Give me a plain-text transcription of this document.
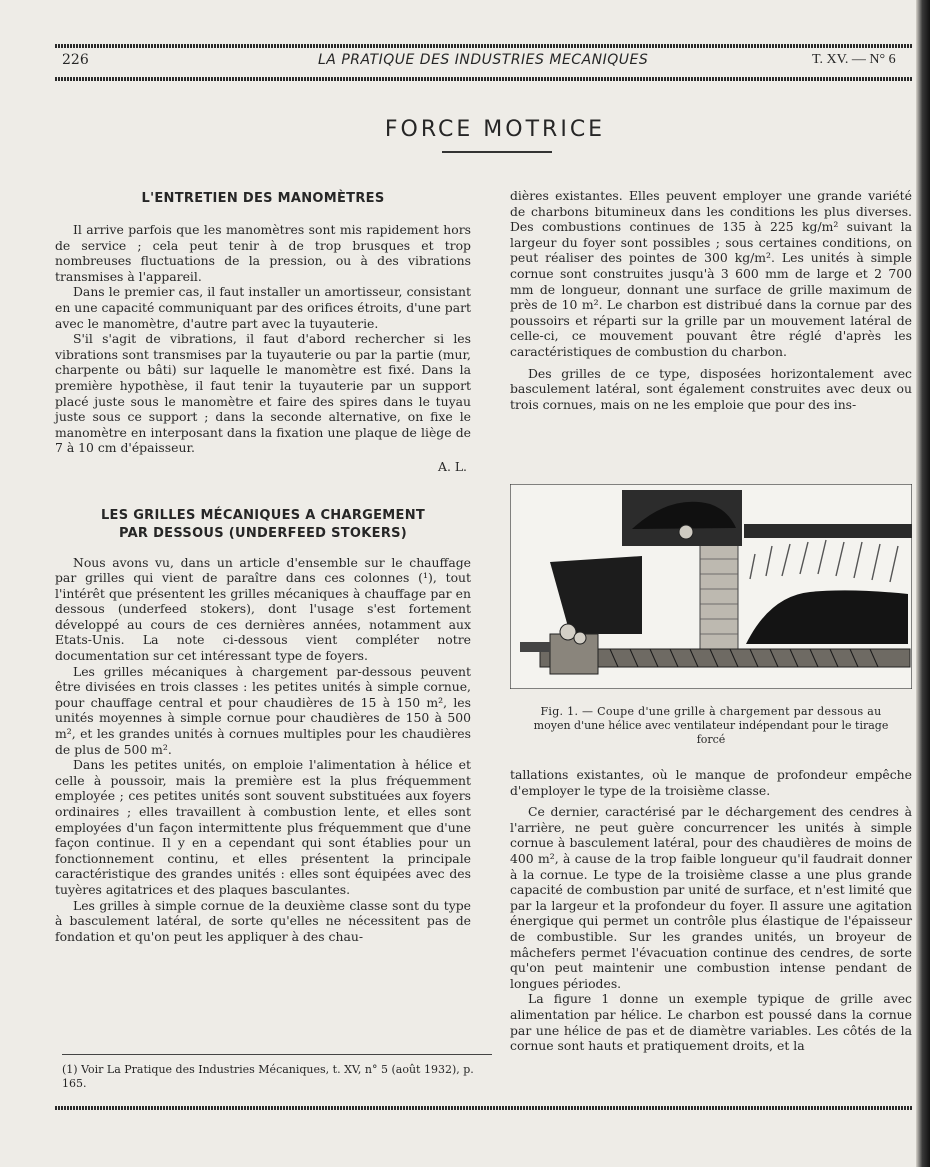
226	LA PRATIQUE DES INDUSTRIES MECANIQUES	T. XV. — N° 6
FORCE MOTRICE
L'ENTRETIEN DES MANOMÈTRES

Il arrive parfois que les manomètres sont mis rapidement hors de service ; cela peut tenir à de trop brusques et trop nombreuses fluctuations de la pression, ou à des vibrations transmises à l'appareil.

Dans le premier cas, il faut installer un amortisseur, consistant en une capacité communiquant par des orifices étroits, d'une part avec le manomètre, d'autre part avec la tuyauterie.

S'il s'agit de vibrations, il faut d'abord rechercher si les vibrations sont transmises par la tuyauterie ou par la partie (mur, charpente ou bâti) sur laquelle le manomètre est fixé. Dans la première hypothèse, il faut tenir la tuyauterie par un support placé juste sous le manomètre et faire des spires dans le tuyau juste sous ce support ; dans la seconde alternative, on fixe le manomètre en interposant dans la fixation une plaque de liège de 7 à 10 cm d'épaisseur.

A. L.
LES GRILLES MÉCANIQUES A CHARGEMENT
PAR DESSOUS (UNDERFEED STOKERS)

Nous avons vu, dans un article d'ensemble sur le chauffage par grilles qui vient de paraître dans ces colonnes (¹), tout l'intérêt que présentent les grilles mécaniques à chauffage par en dessous (underfeed stokers), dont l'usage s'est fortement développé au cours de ces dernières années, notamment aux Etats-Unis. La note ci-dessous vient compléter notre documentation sur cet intéressant type de foyers.

Les grilles mécaniques à chargement par-dessous peuvent être divisées en trois classes : les petites unités à simple cornue, pour chauffage central et pour chaudières de 15 à 150 m², les unités moyennes à simple cornue pour chaudières de 150 à 500 m², et les grandes unités à cornues multiples pour les chaudières de plus de 500 m².

Dans les petites unités, on emploie l'alimentation à hélice et celle à poussoir, mais la première est la plus fréquemment employée ; ces petites unités sont souvent substituées aux foyers ordinaires ; elles travaillent à combustion lente, et elles sont employées d'un façon intermittente plus fréquemment que d'une façon continue. Il y en a cependant qui sont établies pour un fonctionnement continu, et elles présentent la principale caractéristique des grandes unités : elles sont équipées avec des tuyères agitatrices et des plaques basculantes.

Les grilles à simple cornue de la deuxième classe sont du type à basculement latéral, de sorte qu'elles ne nécessitent pas de fondation et qu'on peut les appliquer à des chau-

(1) Voir La Pratique des Industries Mécaniques, t. XV, n° 5 (août 1932), p. 165.

dières existantes. Elles peuvent employer une grande variété de charbons bitumineux dans les conditions les plus diverses. Des combustions continues de 135 à 225 kg/m² suivant la largeur du foyer sont possibles ; sous certaines conditions, on peut réaliser des pointes de 300 kg/m². Les unités à simple cornue sont construites jusqu'à 3 600 mm de large et 2 700 mm de longueur, donnant une surface de grille maximum de près de 10 m². Le charbon est distribué dans la cornue par des poussoirs et réparti sur la grille par un mouvement latéral de celle-ci, ce mouvement pouvant être réglé d'après les caractéristiques de combustion du charbon.

Des grilles de ce type, disposées horizontalement avec basculement latéral, sont également construites avec deux ou trois cornues, mais on ne les emploie que pour des ins-

Fig. 1. — Coupe d'une grille à chargement par dessous au
moyen d'une hélice avec ventilateur indépendant pour le tirage
forcé

tallations existantes, où le manque de profondeur empêche d'employer le type de la troisième classe.

Ce dernier, caractérisé par le déchargement des cendres à l'arrière, ne peut guère concurrencer les unités à simple cornue à basculement latéral, pour des chaudières de moins de 400 m², à cause de la trop faible longueur qu'il faudrait donner à la cornue. Le type de la troisième classe a une plus grande capacité de combustion par unité de surface, et n'est limité que par la largeur et la profondeur du foyer. Il assure une agitation énergique qui permet un contrôle plus élastique de l'épaisseur de combustible. Sur les grandes unités, un broyeur de mâchefers permet l'évacuation continue des cendres, de sorte qu'on peut maintenir une combustion intense pendant de longues périodes.

La figure 1 donne un exemple typique de grille avec alimentation par hélice. Le charbon est poussé dans la cornue par une hélice de pas et de diamètre variables. Les côtés de la cornue sont hauts et pratiquement droits, et la
